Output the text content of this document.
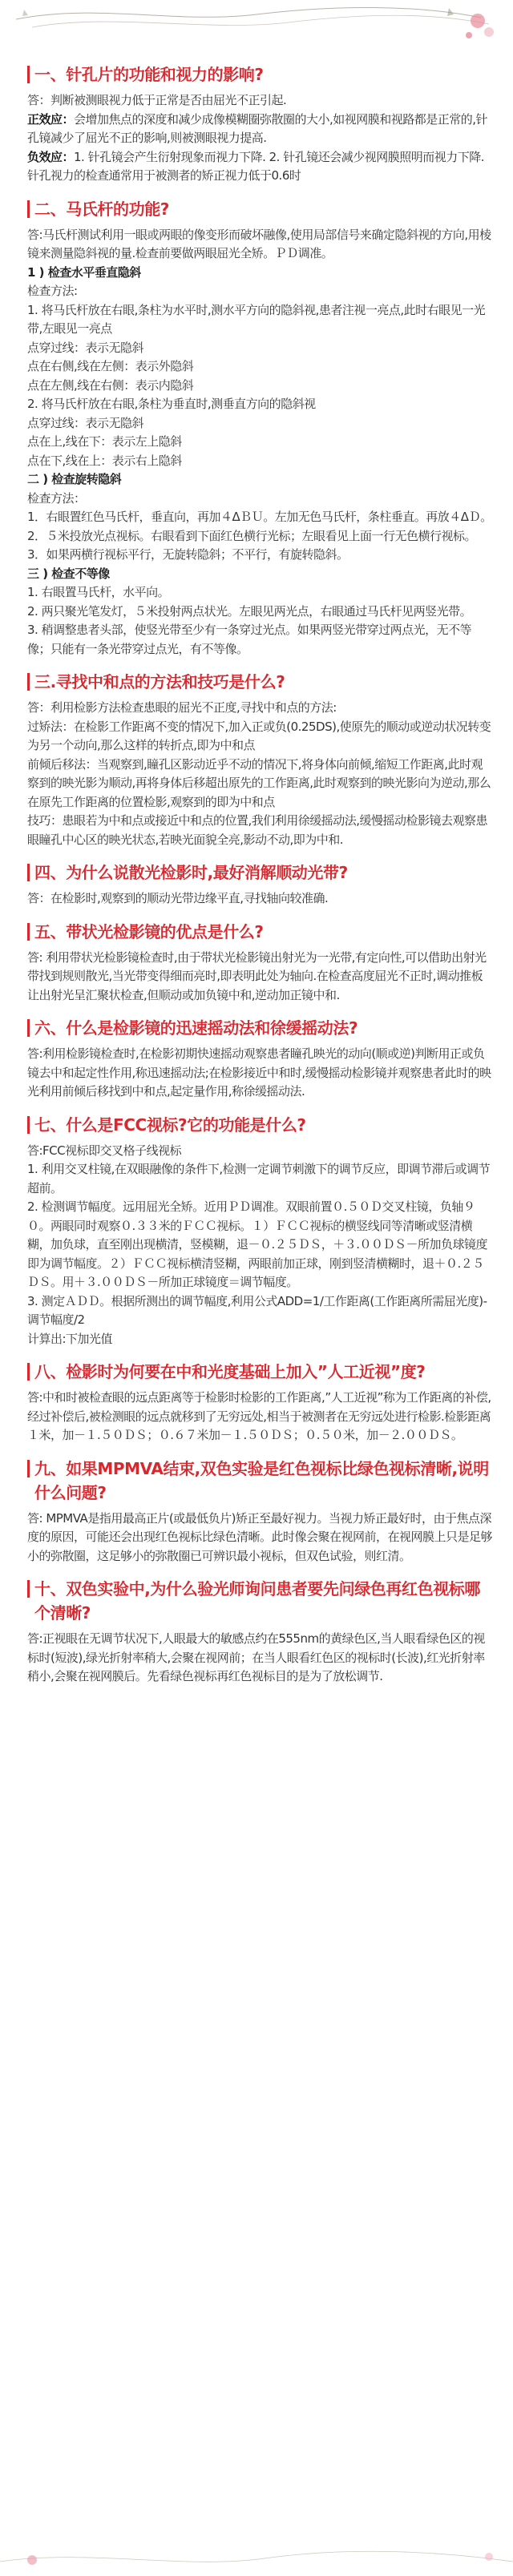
一、针孔片的功能和视力的影响?

答：判断被测眼视力低于正常是否由屈光不正引起.

正效应：会增加焦点的深度和减少成像模糊圈弥散圈的大小,如视网膜和视路都是正常的,针孔镜减少了屈光不正的影响,则被测眼视力提高.

负效应：1. 针孔镜会产生衍射现象而视力下降. 2. 针孔镜还会减少视网膜照明而视力下降.

针孔视力的检查通常用于被测者的矫正视力低于0.6时

二、马氏杆的功能?

答:马氏杆测试利用一眼或两眼的像变形而破坏融像,使用局部信号来确定隐斜视的方向,用棱镜来测量隐斜视的量.检查前要做两眼屈光全矫。ＰＤ调准。

1 ) 检查水平垂直隐斜

检查方法:

1. 将马氏杆放在右眼,条柱为水平时,测水平方向的隐斜视,患者注视一亮点,此时右眼见一光带,左眼见一亮点

点穿过线：表示无隐斜

点在右侧,线在左侧：表示外隐斜

点在左侧,线在右侧：表示内隐斜

2. 将马氏杆放在右眼,条柱为垂直时,测垂直方向的隐斜视

点穿过线：表示无隐斜

点在上,线在下：表示左上隐斜

点在下,线在上：表示右上隐斜

二 ) 检查旋转隐斜

检查方法：

1．右眼置红色马氏杆，垂直向，再加４ΔＢＵ。左加无色马氏杆，条柱垂直。再放４ΔＤ。

2．５米投放光点视标。右眼看到下面红色横行光标；左眼看见上面一行无色横行视标。

3．如果两横行视标平行，无旋转隐斜；不平行，有旋转隐斜。

三 ) 检查不等像

1. 右眼置马氏杆，水平向。

2. 两只聚光笔发灯，５米投射两点状光。左眼见两光点，右眼通过马氏杆见两竖光带。

3. 稍调整患者头部，使竖光带至少有一条穿过光点。如果两竖光带穿过两点光，无不等像；只能有一条光带穿过点光，有不等像。

三.寻找中和点的方法和技巧是什么?

答：利用检影方法检查患眼的屈光不正度,寻找中和点的方法:

过矫法：在检影工作距离不变的情况下,加入正或负(0.25DS),使原先的顺动或逆动状况转变为另一个动向,那么这样的转折点,即为中和点

前倾后移法：当观察到,瞳孔区影动近乎不动的情况下,将身体向前倾,缩短工作距离,此时观察到的映光影为顺动,再将身体后移超出原先的工作距离,此时观察到的映光影向为逆动,那么在原先工作距离的位置检影,观察到的即为中和点

技巧：患眼若为中和点或接近中和点的位置,我们利用徐缓摇动法,缓慢摇动检影镜去观察患眼瞳孔中心区的映光状态,若映光面貌全亮,影动不动,即为中和.

四、为什么说散光检影时,最好消解顺动光带?

答：在检影时,观察到的顺动光带边缘平直,寻找轴向较准确.

五、带状光检影镜的优点是什么?

答: 利用带状光检影镜检查时,由于带状光检影镜出射光为一光带,有定向性,可以借助出射光带找到规则散光,当光带变得细而亮时,即表明此处为轴向.在检查高度屈光不正时,调动推板让出射光呈汇聚状检查,但顺动或加负镜中和,逆动加正镜中和.

六、什么是检影镜的迅速摇动法和徐缓摇动法?

答:利用检影镜检查时,在检影初期快速摇动观察患者瞳孔映光的动向(顺或逆)判断用正或负镜去中和起定性作用,称迅速摇动法;在检影接近中和时,缓慢摇动检影镜并观察患者此时的映光利用前倾后移找到中和点,起定量作用,称徐缓摇动法.

七、什么是FCC视标?它的功能是什么?

答:FCC视标即交叉格子线视标

1. 利用交叉柱镜,在双眼融像的条件下,检测一定调节刺激下的调节反应，即调节滞后或调节超前。

2. 检测调节幅度。远用屈光全矫。近用ＰＤ调准。双眼前置０.５０Ｄ交叉柱镜，负轴９０。两眼同时观察０.３３米的ＦＣＣ视标。１）ＦＣＣ视标的横竖线同等清晰或竖清横糊，加负球，直至刚出现横清，竖模糊，退－０.２５ＤＳ，＋３.００ＤＳ－所加负球镜度即为调节幅度。２）ＦＣＣ视标横清竖糊，两眼前加正球，刚到竖清横糊时，退＋０.２５ＤＳ。用＋３.００ＤＳ－所加正球镜度＝调节幅度。

3. 测定ＡＤＤ。根据所测出的调节幅度,利用公式ADD=1/工作距离(工作距离所需屈光度)-调节幅度/2

计算出:下加光值

八、检影时为何要在中和光度基础上加入”人工近视”度?

答:中和时被检查眼的远点距离等于检影时检影的工作距离,”人工近视”称为工作距离的补偿,经过补偿后,被检测眼的远点就移到了无穷远处,相当于被测者在无穷远处进行检影.检影距离１米，加－１.５０ＤＳ；０.６７米加－１.５０ＤＳ；０.５０米，加－２.００ＤＳ。

九、如果MPMVA结束,双色实验是红色视标比绿色视标清晰,说明什么问题?

答: MPMVA是指用最高正片(或最低负片)矫正至最好视力。当视力矫正最好时，由于焦点深度的原因，可能还会出现红色视标比绿色清晰。此时像会聚在视网前，在视网膜上只是足够小的弥散圈，这足够小的弥散圈已可辨识最小视标，但双色试验，则红清。

十、双色实验中,为什么验光师询问患者要先问绿色再红色视标哪个清晰?

答:正视眼在无调节状况下,人眼最大的敏感点约在555nm的黄绿色区,当人眼看绿色区的视标时(短波),绿光折射率稍大,会聚在视网前；在当人眼看红色区的视标时(长波),红光折射率稍小,会聚在视网膜后。先看绿色视标再红色视标目的是为了放松调节.
